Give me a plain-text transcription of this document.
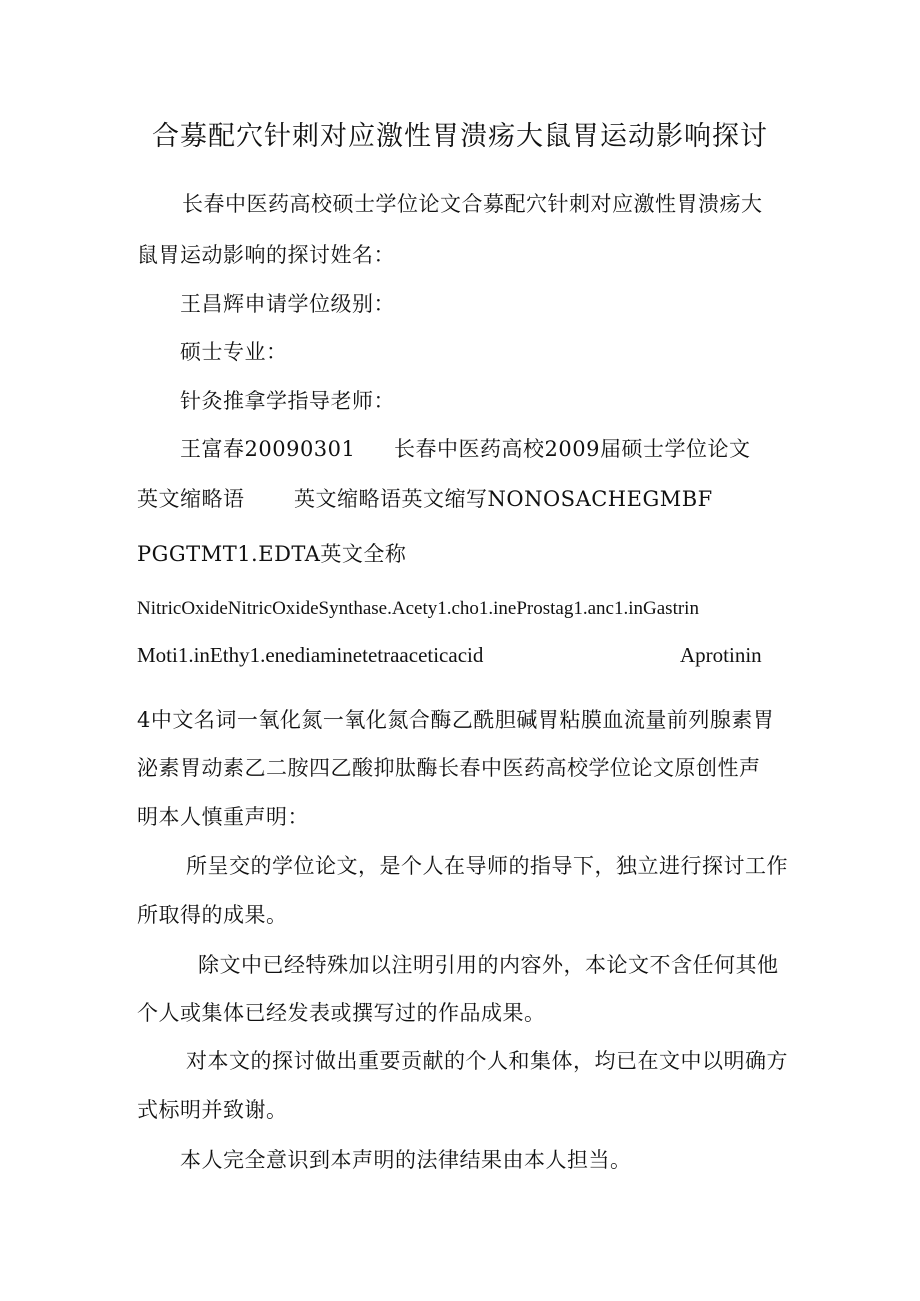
合募配穴针刺对应激性胃溃疡大鼠胃运动影响探讨
长春中医药高校硕士学位论文合募配穴针刺对应激性胃溃疡大
鼠胃运动影响的探讨姓名：
王昌辉申请学位级别：
硕士专业：
针灸推拿学指导老师：
王富春20090301 长春中医药高校2009届硕士学位论文
英文缩略语 英文缩略语英文缩写NONOSACHEGMBF
PGGTMT1.EDTA英文全称
NitricOxideNitricOxideSynthase.Acety1.cho1.ineProstag1.anc1.inGastrin
Moti1.inEthy1.enediaminetetraaceticacid	Aprotinin
4中文名词一氧化氮一氧化氮合酶乙酰胆碱胃粘膜血流量前列腺素胃
泌素胃动素乙二胺四乙酸抑肽酶长春中医药高校学位论文原创性声
明本人慎重声明：
所呈交的学位论文，是个人在导师的指导下，独立进行探讨工作
所取得的成果。
除文中已经特殊加以注明引用的内容外，本论文不含任何其他
个人或集体已经发表或撰写过的作品成果。
对本文的探讨做出重要贡献的个人和集体，均已在文中以明确方
式标明并致谢。
本人完全意识到本声明的法律结果由本人担当。
